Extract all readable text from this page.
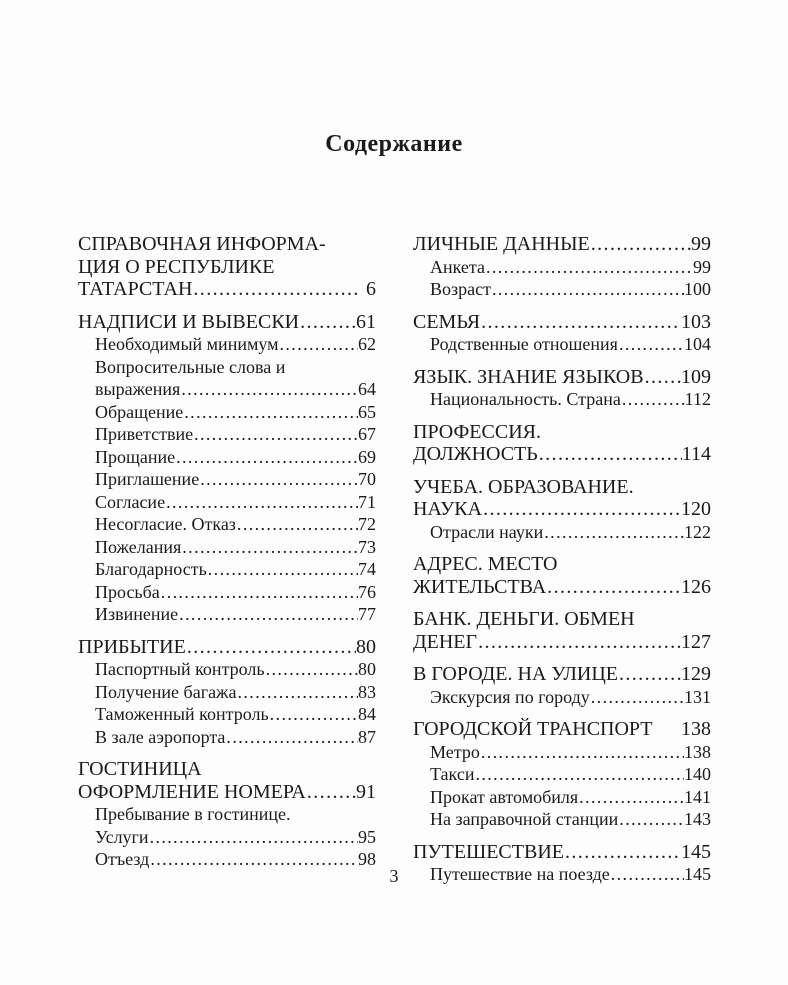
Содержание
СПРАВОЧНАЯ ИНФОРМА-
ЦИЯ О РЕСПУБЛИКЕ
ТАТАРСТАН .....	6
НАДПИСИ И ВЫВЕСКИ .....	61
Необходимый минимум .....	62
Вопросительные слова и
выражения .....	64
Обращение .....	65
Приветствие .....	67
Прощание .....	69
Приглашение .....	70
Согласие .....	71
Несогласие. Отказ .....	72
Пожелания .....	73
Благодарность .....	74
Просьба .....	76
Извинение .....	77
ПРИБЫТИЕ .....	80
Паспортный контроль .....	80
Получение багажа .....	83
Таможенный контроль .....	84
В зале аэропорта .....	87
ГОСТИНИЦА
ОФОРМЛЕНИЕ НОМЕРА .....	91
Пребывание в гостинице.
Услуги .....	95
Отъезд .....	98
ЛИЧНЫЕ ДАННЫЕ .....	99
Анкета .....	99
Возраст .....	100
СЕМЬЯ .....	103
Родственные отношения .....	104
ЯЗЫК. ЗНАНИЕ ЯЗЫКОВ ..... 109
Национальность. Страна .....	112
ПРОФЕССИЯ.
ДОЛЖНОСТЬ .....	114
УЧЕБА. ОБРАЗОВАНИЕ.
НАУКА .....	120
Отрасли науки .....	122
АДРЕС. МЕСТО
ЖИТЕЛЬСТВА .....	126
БАНК. ДЕНЬГИ. ОБМЕН
ДЕНЕГ .....	127
В ГОРОДЕ. НА УЛИЦЕ .....	129
Экскурсия по городу .....	131
ГОРОДСКОЙ ТРАНСПОРТ 138
Метро .....	138
Такси .....	140
Прокат автомобиля .....	141
На заправочной станции .....	143
ПУТЕШЕСТВИЕ .....	145
Путешествие на поезде .....	145
3
